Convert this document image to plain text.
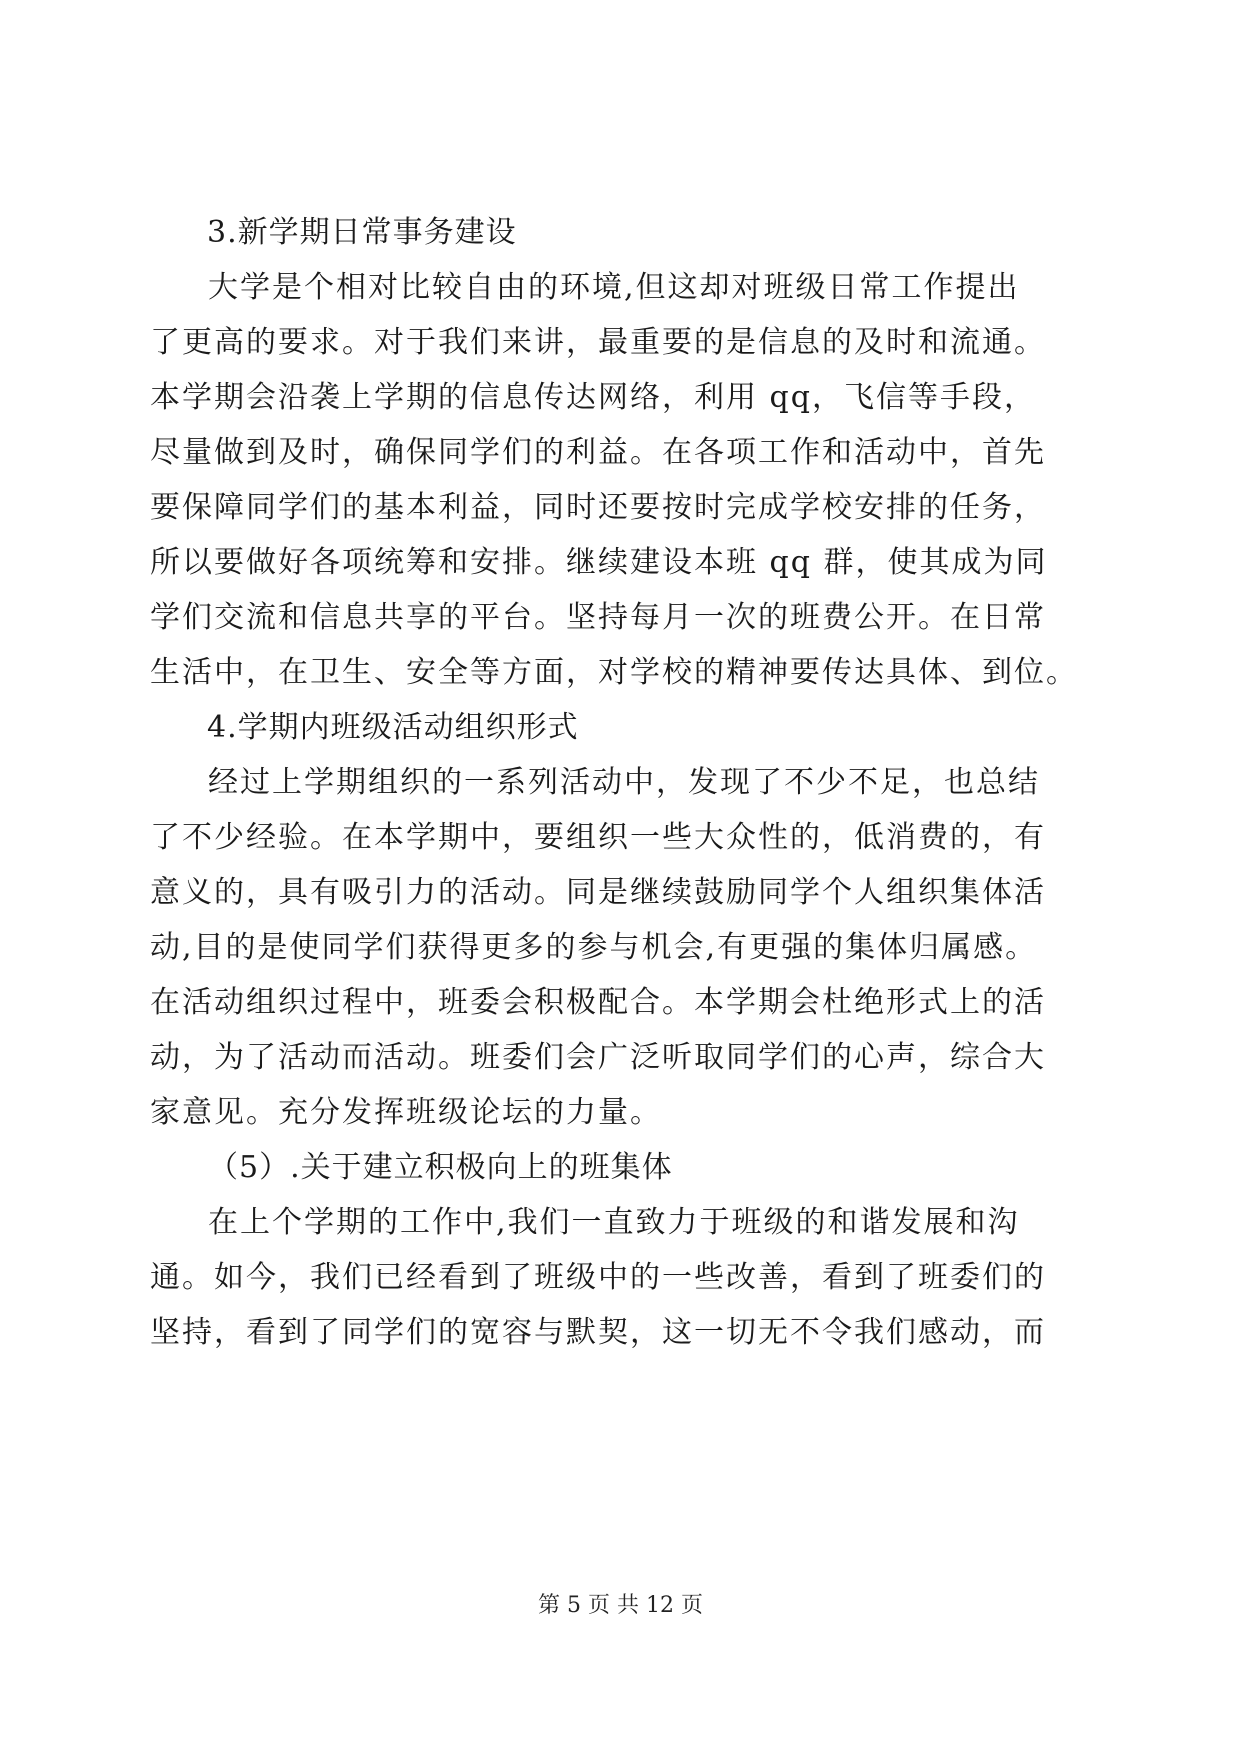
3.新学期日常事务建设
大学是个相对比较自由的环境,但这却对班级日常工作提出
了更高的要求。对于我们来讲，最重要的是信息的及时和流通。
本学期会沿袭上学期的信息传达网络，利用 qq，飞信等手段，
尽量做到及时，确保同学们的利益。在各项工作和活动中，首先
要保障同学们的基本利益，同时还要按时完成学校安排的任务，
所以要做好各项统筹和安排。继续建设本班 qq 群，使其成为同
学们交流和信息共享的平台。坚持每月一次的班费公开。在日常
生活中，在卫生、安全等方面，对学校的精神要传达具体、到位。
4.学期内班级活动组织形式
经过上学期组织的一系列活动中，发现了不少不足，也总结
了不少经验。在本学期中，要组织一些大众性的，低消费的，有
意义的，具有吸引力的活动。同是继续鼓励同学个人组织集体活
动,目的是使同学们获得更多的参与机会,有更强的集体归属感。
在活动组织过程中，班委会积极配合。本学期会杜绝形式上的活
动，为了活动而活动。班委们会广泛听取同学们的心声，综合大
家意见。充分发挥班级论坛的力量。
（5）.关于建立积极向上的班集体
在上个学期的工作中,我们一直致力于班级的和谐发展和沟
通。如今，我们已经看到了班级中的一些改善，看到了班委们的
坚持，看到了同学们的宽容与默契，这一切无不令我们感动，而
第 5 页 共 12 页
